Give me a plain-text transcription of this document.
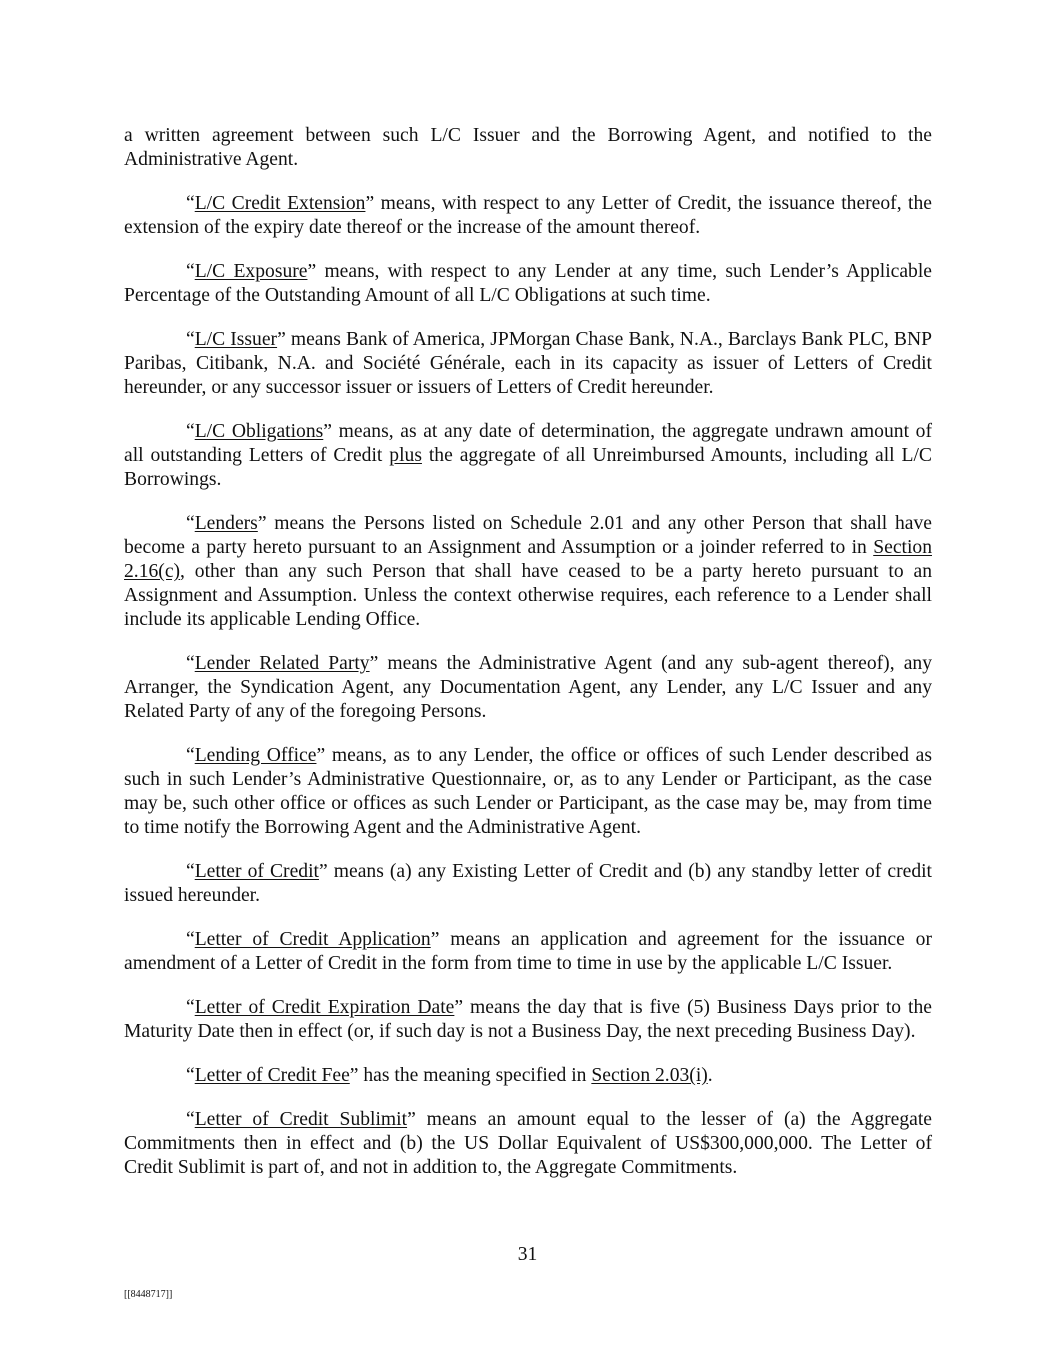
a written agreement between such L/C Issuer and the Borrowing Agent, and notified to the Administrative Agent.

“L/C Credit Extension” means, with respect to any Letter of Credit, the issuance thereof, the extension of the expiry date thereof or the increase of the amount thereof.

“L/C Exposure” means, with respect to any Lender at any time, such Lender’s Applicable Percentage of the Outstanding Amount of all L/C Obligations at such time.

“L/C Issuer” means Bank of America, JPMorgan Chase Bank, N.A., Barclays Bank PLC, BNP Paribas, Citibank, N.A. and Société Générale, each in its capacity as issuer of Letters of Credit hereunder, or any successor issuer or issuers of Letters of Credit hereunder.

“L/C Obligations” means, as at any date of determination, the aggregate undrawn amount of all outstanding Letters of Credit plus the aggregate of all Unreimbursed Amounts, including all L/C Borrowings.

“Lenders” means the Persons listed on Schedule 2.01 and any other Person that shall have become a party hereto pursuant to an Assignment and Assumption or a joinder referred to in Section 2.16(c), other than any such Person that shall have ceased to be a party hereto pursuant to an Assignment and Assumption. Unless the context otherwise requires, each reference to a Lender shall include its applicable Lending Office.

“Lender Related Party” means the Administrative Agent (and any sub-agent thereof), any Arranger, the Syndication Agent, any Documentation Agent, any Lender, any L/C Issuer and any Related Party of any of the foregoing Persons.

“Lending Office” means, as to any Lender, the office or offices of such Lender described as such in such Lender’s Administrative Questionnaire, or, as to any Lender or Participant, as the case may be, such other office or offices as such Lender or Participant, as the case may be, may from time to time notify the Borrowing Agent and the Administrative Agent.

“Letter of Credit” means (a) any Existing Letter of Credit and (b) any standby letter of credit issued hereunder.

“Letter of Credit Application” means an application and agreement for the issuance or amendment of a Letter of Credit in the form from time to time in use by the applicable L/C Issuer.

“Letter of Credit Expiration Date” means the day that is five (5) Business Days prior to the Maturity Date then in effect (or, if such day is not a Business Day, the next preceding Business Day).

“Letter of Credit Fee” has the meaning specified in Section 2.03(i).

“Letter of Credit Sublimit” means an amount equal to the lesser of (a) the Aggregate Commitments then in effect and (b) the US Dollar Equivalent of US$300,000,000. The Letter of Credit Sublimit is part of, and not in addition to, the Aggregate Commitments.

31
[[8448717]]
